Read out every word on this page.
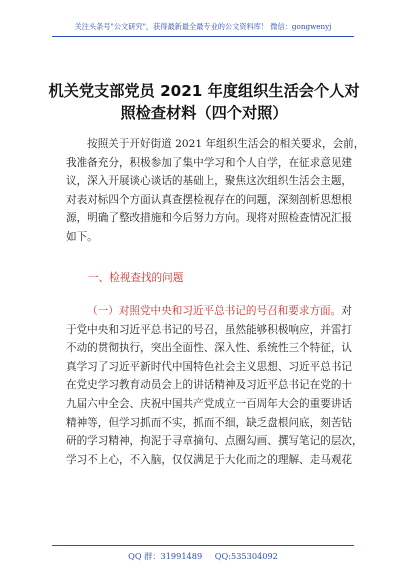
关注头条号"公文研究"，获得最新最全最专业的公文资料库！ 微信：gongwenyj
机关党支部党员 2021 年度组织生活会个人对
照检查材料（四个对照）
按照关于开好街道 2021 年组织生活会的相关要求，会前，
我准备充分，积极参加了集中学习和个人自学，在征求意见建
议，深入开展谈心谈话的基础上，聚焦这次组织生活会主题，
对表对标四个方面认真查摆检视存在的问题，深刻剖析思想根
源，明确了整改措施和今后努力方向。现将对照检查情况汇报
如下。
一、检视查找的问题
（一）对照党中央和习近平总书记的号召和要求方面。对
于党中央和习近平总书记的号召，虽然能够积极响应，并雷打
不动的贯彻执行，突出全面性、深入性、系统性三个特征，认
真学习了习近平新时代中国特色社会主义思想、习近平总书记
在党史学习教育动员会上的讲话精神及习近平总书记在党的十
九届六中全会、庆祝中国共产党成立一百周年大会的重要讲话
精神等，但学习抓而不实，抓而不细，缺乏盘根问底，刻苦钻
研的学习精神，拘泥于寻章摘句、点圈勾画、撰写笔记的层次，
学习不上心，不入脑，仅仅满足于大化而之的理解、走马观花
QQ 群：31991489 QQ:535304092
